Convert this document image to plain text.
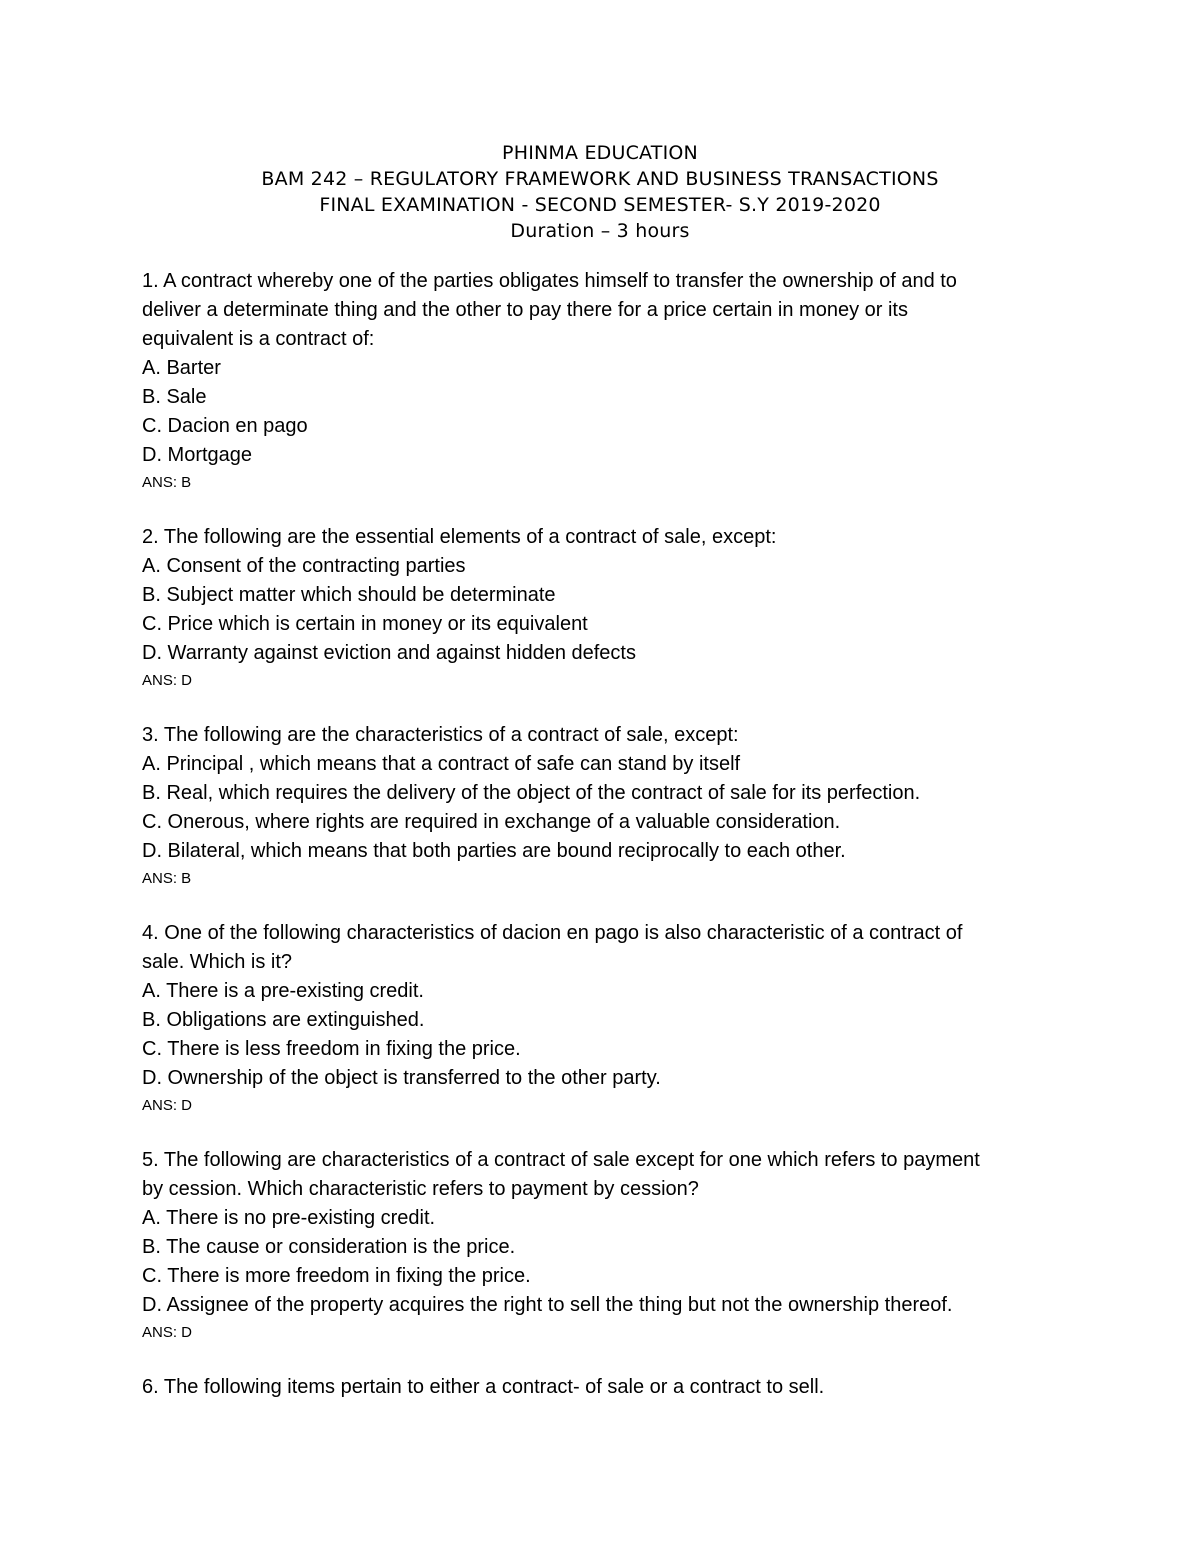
PHINMA EDUCATION
BAM 242 – REGULATORY FRAMEWORK AND BUSINESS TRANSACTIONS
FINAL EXAMINATION - SECOND SEMESTER- S.Y 2019-2020
Duration – 3 hours
1. A contract whereby one of the parties obligates himself to transfer the ownership of and to
deliver a determinate thing and the other to pay there for a price certain in money or its
equivalent is a contract of:
A. Barter
B. Sale
C. Dacion en pago
D. Mortgage
ANS: B
2. The following are the essential elements of a contract of sale, except:
A. Consent of the contracting parties
B. Subject matter which should be determinate
C. Price which is certain in money or its equivalent
D. Warranty against eviction and against hidden defects
ANS: D
3. The following are the characteristics of a contract of sale, except:
A. Principal , which means that a contract of safe can stand by itself
B. Real, which requires the delivery of the object of the contract of sale for its perfection.
C. Onerous, where rights are required in exchange of a valuable consideration.
D. Bilateral, which means that both parties are bound reciprocally to each other.
ANS: B
4. One of the following characteristics of dacion en pago is also characteristic of a contract of
sale. Which is it?
A. There is a pre-existing credit.
B. Obligations are extinguished.
C. There is less freedom in fixing the price.
D. Ownership of the object is transferred to the other party.
ANS: D
5. The following are characteristics of a contract of sale except for one which refers to payment
by cession. Which characteristic refers to payment by cession?
A. There is no pre-existing credit.
B. The cause or consideration is the price.
C. There is more freedom in fixing the price.
D. Assignee of the property acquires the right to sell the thing but not the ownership thereof.
ANS: D
6. The following items pertain to either a contract- of sale or a contract to sell.
